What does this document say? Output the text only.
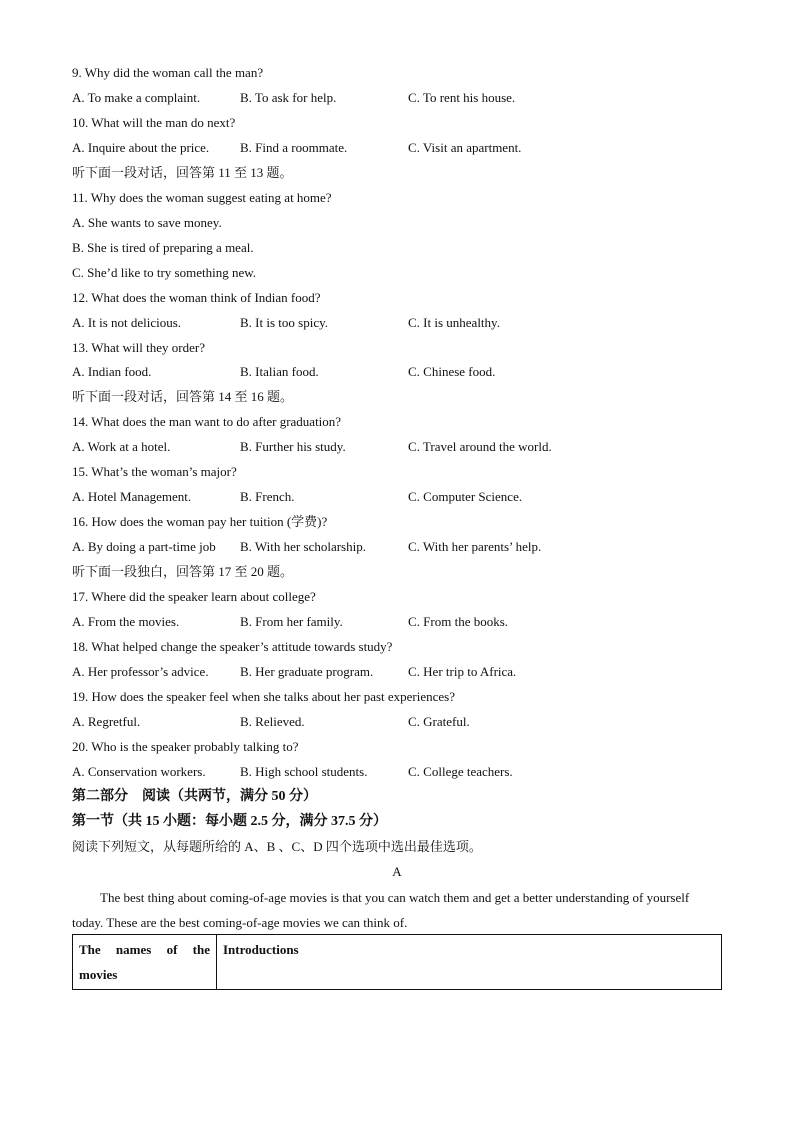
9. Why did the woman call the man?
A. To make a complaint.	B. To ask for help.	C. To rent his house.
10. What will the man do next?
A. Inquire about the price. B. Find a roommate.	C. Visit an apartment.
听下面一段对话，回答第 11 至 13 题。
11. Why does the woman suggest eating at home?
A. She wants to save money.
B. She is tired of preparing a meal.
C. She’d like to try something new.
12. What does the woman think of Indian food?
A. It is not delicious.	B. It is too spicy.	C. It is unhealthy.
13. What will they order?
A. Indian food.	B. Italian food.	C. Chinese food.
听下面一段对话，回答第 14 至 16 题。
14. What does the man want to do after graduation?
A. Work at a hotel.	B. Further his study.	C. Travel around the world.
15. What’s the woman’s major?
A. Hotel Management.	B. French.	C. Computer Science.
16. How does the woman pay her tuition (学费)?
A. By doing a part-time job B. With her scholarship.	C. With her parents’ help.
听下面一段独白，回答第 17 至 20 题。
17. Where did the speaker learn about college?
A. From the movies.	B. From her family.	C. From the books.
18. What helped change the speaker’s attitude towards study?
A. Her professor’s advice. B. Her graduate program.	C. Her trip to Africa.
19. How does the speaker feel when she talks about her past experiences?
A. Regretful.	B. Relieved.	C. Grateful.
20. Who is the speaker probably talking to?
A. Conservation workers.	B. High school students.	C. College teachers.
第二部分　阅读（共两节，满分 50 分）
第一节（共 15 小题：每小题 2.5 分，满分 37.5 分）
阅读下列短文，从每题所给的 A、B 、C、D 四个选项中选出最佳选项。
A

The best thing about coming-of-age movies is that you can watch them and get a better understanding of yourself today. These are the best coming-of-age movies we can think of.

The names of the movies	Introductions
